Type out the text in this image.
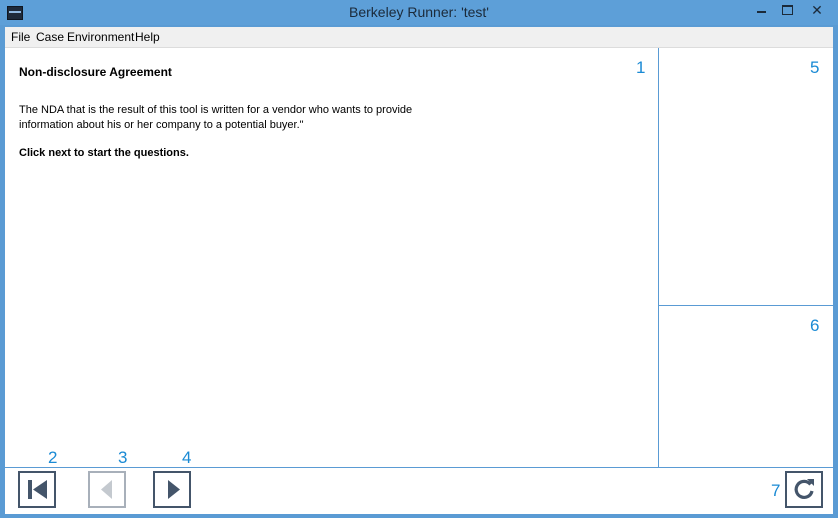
Berkeley Runner: 'test'	✕
File Case Environment Help
Non-disclosure Agreement
The NDA that is the result of this tool is written for a vendor who wants to provide information about his or her company to a potential buyer."
Click next to start the questions.
1	5
6
2	3	4
7
